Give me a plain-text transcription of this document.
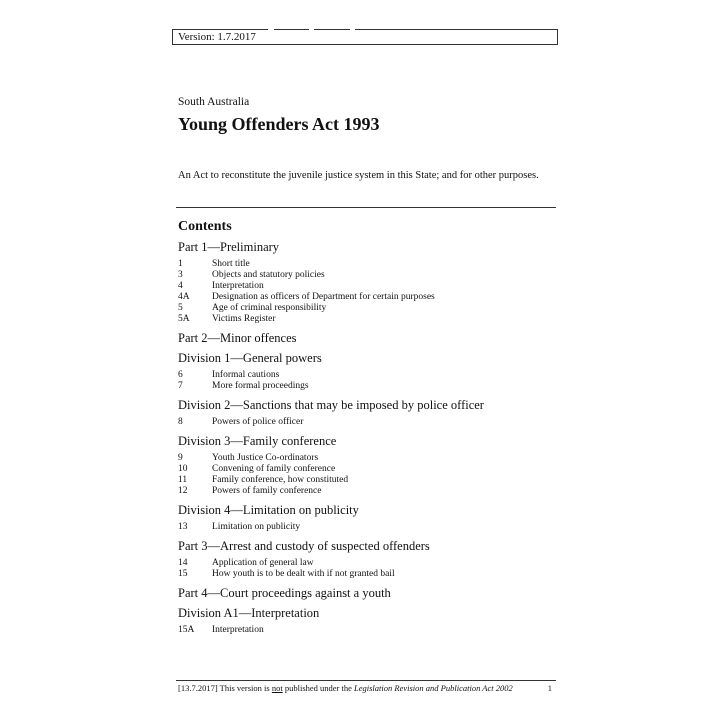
Version: 1.7.2017
South Australia
Young Offenders Act 1993
An Act to reconstitute the juvenile justice system in this State; and for other purposes.
Contents
Part 1—Preliminary
1	Short title
3	Objects and statutory policies
4	Interpretation
4A	Designation as officers of Department for certain purposes
5	Age of criminal responsibility
5A	Victims Register
Part 2—Minor offences
Division 1—General powers
6	Informal cautions
7	More formal proceedings
Division 2—Sanctions that may be imposed by police officer
8	Powers of police officer
Division 3—Family conference
9	Youth Justice Co-ordinators
10	Convening of family conference
11	Family conference, how constituted
12	Powers of family conference
Division 4—Limitation on publicity
13	Limitation on publicity
Part 3—Arrest and custody of suspected offenders
14	Application of general law
15	How youth is to be dealt with if not granted bail
Part 4—Court proceedings against a youth
Division A1—Interpretation
15A	Interpretation
[13.7.2017] This version is not published under the Legislation Revision and Publication Act 2002	1
